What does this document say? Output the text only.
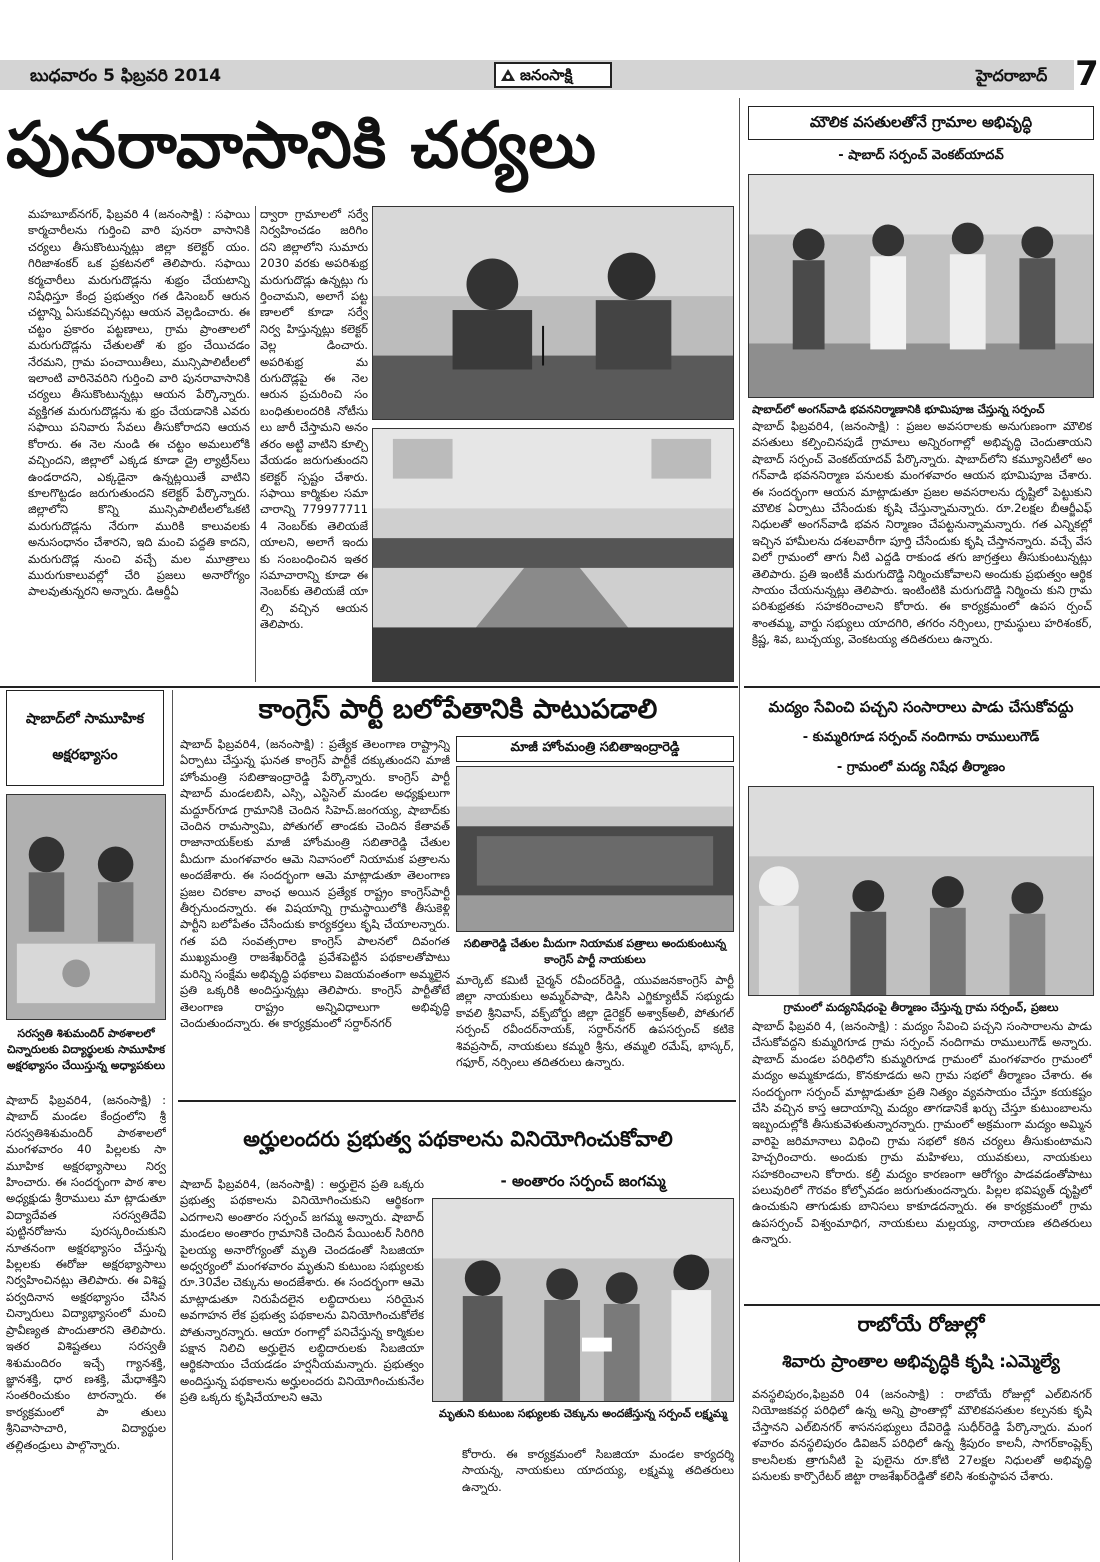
బుధవారం 5 ఫిబ్రవరి 2014	జనంసాక్షి	హైదరాబాద్ 7
పునరావాసానికి చర్యలు
మహబూబ్‌నగర్, ఫిబ్రవరి 4 (జనంసాక్షి) : సఫాయి కార్మచారీలను గుర్తించి వారి పునరా వాసానికి చర్యలు తీసుకొంటున్నట్లు జిల్లా కలెక్టర్ యం. గిరిజాశంకర్ ఒక ప్రకటనలో తెలిపారు. సఫాయి కర్మచారీలు మరుగుదొడ్లను శుభ్రం చేయటాన్ని నిషేధిస్తూ కేంద్ర ప్రభుత్వం గత డిసెంబర్ ఆరున చట్టాన్ని ఏసుకవచ్చినట్లు ఆయన వెల్లడించారు. ఈ చట్టం ప్రకారం పట్టణాలు, గ్రామ ప్రాంతాలలో మరుగుదొడ్లను చేతులతో శు భ్రం చేయిచడం నేరమని, గ్రామ పంచాయితీలు, మున్సిపాలిటీలలో ఇలాంటి వారినెవరిని గుర్తించి వారి పునరావాసానికి చర్యలు తీసుకొంటున్నట్లు ఆయన పేర్కొన్నారు. వ్యక్తిగత మరుగుదొడ్లను శు భ్రం చేయడానికి ఎవరు సఫాయి పనివారు సేవలు తీసుకోరాదని ఆయన కోరారు. ఈ నెల నుండి ఈ చట్టం అమలులోకి వచ్చిందని, జిల్లాలో ఎక్కడ కూడా డ్రై ల్యాట్రీన్‌లు ఉండరాదని, ఎక్కడైనా ఉన్నట్లయితే వాటిని కూలగొట్టడం జరుగుతుందని కలెక్టర్ పేర్కొన్నారు. జిల్లాలోని కొన్ని మున్సిపాలిటీలలోఒకటి మరుగుదొడ్లను నేరుగా మురికి కాలువలకు అనుసంధానం చేశారని, ఇది మంచి పద్దతి కాదని, మరుగుదొడ్ల నుంచి వచ్చే మల మూత్రాలు మురుగుకాలువల్లో చేరి ప్రజలు అనారోగ్యం పాలవుతున్నరని అన్నారు. డిఆర్డీఏ
ద్వారా గ్రామాలలో సర్వే నిర్వహించడం జరిగిం దని జిల్లాలోని సుమారు 2030 వరకు అపరిశుభ్ర మరుగుదొడ్లు ఉన్నట్లు గు ర్తించామని, అలాగే పట్ట ణాలలో కూడా సర్వే నిర్వ హిస్తున్నట్లు కలెక్టర్ వెల్ల డించారు. అపరిశుభ్ర మ రుగుదొడ్లపై ఈ నెల ఆరున ప్రచురించి సం బంధితులందరికి నోటీసు లు జారీ చేస్తామని అనం తరం అట్టి వాటిని కూల్చి వేయడం జరుగుతుందని కలెక్టర్ స్పష్టం చేశారు. సఫాయి కార్మికుల సమా చారాన్ని 779977711 4 నెంబర్‌కు తెలియజే యాలని, అలాగే ఇందు కు సంబంధించిన ఇతర సమాచారాన్ని కూడా ఈ నెంబర్‌కు తెలియజే యా ల్సి వచ్చిన ఆయన తెలిపారు.
మౌలిక వసతులతోనే గ్రామాల అభివృద్ధి
- షాబాద్ సర్పంచ్ వెంకట్‌యాదవ్
షాబాద్‌లో అంగన్‌వాడి భవననిర్మాణానికి భూమిపూజ చేస్తున్న సర్పంచ్
షాబాద్ ఫిబ్రవరి4, (జనంసాక్షి) : ప్రజల అవసరాలకు అనుగుణంగా మౌలిక వసతులు కల్పించినపుడే గ్రామాలు అన్నిరంగాల్లో అభివృద్ధి చెందుతాయని షాబాద్ సర్పంచ్ వెంకట్‌యాదవ్ పేర్కొన్నారు. షాబాద్‌లోని కమ్యూనిటీలో అం గన్‌వాడి భవననిర్మాణ పనులకు మంగళవారం ఆయన భూమిపూజ చేశారు. ఈ సందర్భంగా ఆయన మాట్లాడుతూ ప్రజల అవసరాలను దృష్టిలో పెట్టుకుని మౌలిక ఏర్పాటు చేసేందుకు కృషి చేస్తున్నామన్నారు. రూ.2లక్షల బీఆర్జీఎఫ్ నిధులతో అంగన్‌వాడి భవన నిర్మాణం చేపట్టనున్నామన్నారు. గత ఎన్నికల్లో ఇచ్చిన హామీలను దశలవారీగా పూర్తి చేసేందుకు కృషి చేస్తానన్నారు. వచ్చే వేస విలో గ్రామంలో తాగు నీటి ఎద్దడి రాకుండ తగు జాగ్రత్తలు తీసుకుంటున్నట్లు తెలిపారు. ప్రతి ఇంటికీ మరుగుదొడ్డి నిర్మించుకోవాలని అందుకు ప్రభుత్వం ఆర్థిక సాయం చేయనున్నట్లు తెలిపారు. ఇంటింటికి మరుగుదొడ్డి నిర్మించు కుని గ్రామ పరిశుభ్రతకు సహకరించాలని కోరారు. ఈ కార్యక్రమంలో ఉపస ర్పంచ్ శాంతమ్మ, వార్డు సభ్యులు యాదగిరి, తగరం నర్సింలు, గ్రామస్థులు హరిశంకర్, క్రిష్ణ, శివ, బుచ్చయ్య, వెంకటయ్య తదితరులు ఉన్నారు.
షాబాద్‌లో సామూహిక
అక్షరభ్యాసం
సరస్వతి శిశుమందిర్ పాఠశాలలో చిన్నారులకు విద్యార్థులకు సామూహిక అక్షరభ్యాసం చేయిస్తున్న అధ్యాపకులు
షాబాద్ ఫిబ్రవరి4, (జనంసాక్షి) : షాబాద్ మండల కేంద్రంలోని శ్రీ సరస్వతిశిశుమందిర్ పాఠశాలలో మంగళవారం 40 పిల్లలకు సా మూహిక అక్షరభ్యాసాలు నిర్వ హించారు. ఈ సందర్భంగా పాఠ శాల అధ్యక్షుడు శ్రీరాములు మా ట్లాడుతూ విద్యాదేవత సరస్వతిదేవి పుట్టినరోజును పురస్కరించుకుని నూతనంగా అక్షరభ్యాసం చేస్తున్న పిల్లలకు ఈరోజు అక్షరభ్యాసాలు నిర్వహించినట్లు తెలిపారు. ఈ విశిష్ట పర్వదినాన అక్షరభ్యాసం చేసిన చిన్నారులు విద్యాభ్యాసంలో మంచి ప్రావీణ్యత పొందుతారని తెలిపారు. ఇతర విశిష్టతలు సరస్వతీ శిశుమందిరం ఇచ్చే గ్యానశక్తి, జ్ఞానశక్తి, ధార ణశక్తి, మేధాశక్తిని సంతరించుకుం టారన్నారు. ఈ కార్యక్రమంలో పా తులు శ్రీనివాసాచారి, విద్యార్థుల తల్లితండ్రులు పాల్గొన్నారు.
కాంగ్రెస్ పార్టీ బలోపేతానికి పాటుపడాలి
షాబాద్ ఫిబ్రవరి4, (జనంసాక్షి) : ప్రత్యేక తెలంగాణ రాష్ట్రాన్ని ఏర్పాటు చేస్తున్న ఘనత కాంగ్రెస్ పార్టీకే దక్కుతుందని మాజీ హోంమంత్రి సబితాఇంద్రారెడ్డి పేర్కొన్నారు. కాంగ్రెస్ పార్టీ షాబాద్ మండలబిసి, ఎస్సి, ఎస్టిసెల్ మండల అధ్యక్షులుగా మద్దూర్‌గూడ గ్రామానికి చెందిన సిహెచ్.జంగయ్య, షాబాద్‌కు చెందిన రామస్వామి, పోతుగల్ తాండకు చెందిన కేతావత్ రాజానాయక్‌లకు మాజీ హోంమంత్రి సబితారెడ్డి చేతుల మీదుగా మంగళవారం ఆమె నివాసంలో నియామక పత్రాలను అందజేశారు. ఈ సందర్భంగా ఆమె మాట్లాడుతూ తెలంగాణ ప్రజల చిరకాల వాంఛ అయిన ప్రత్యేక రాష్ట్రం కాంగ్రెస్‌పార్టీ తీర్చనుందన్నారు. ఈ విషయాన్ని గ్రామస్థాయిలోకి తీసుకెళ్లి పార్టీని బలోపేతం చేసేందుకు కార్యకర్తలు కృషి చేయాలన్నారు. గత పది సంవత్సరాల కాంగ్రెస్ పాలనలో దివంగత ముఖ్యమంత్రి రాజశేఖర్‌రెడ్డి ప్రవేశపెట్టిన పథకాలతోపాటు మరిన్ని సంక్షేమ అభివృద్ధి పథకాలు విజయవంతంగా అమ్మలైన ప్రతి ఒక్కరికి అందిస్తున్నట్లు తెలిపారు. కాంగ్రెస్ పార్టీతోటే తెలంగాణ రాష్ట్రం అన్నివిధాలుగా అభివృద్ధి చెందుతుందన్నారు. ఈ కార్యక్రమంలో సర్దార్‌నగర్
మాజీ హోంమంత్రి సబితాఇంద్రారెడ్డి
సబితారెడ్డి చేతుల మీదుగా నియామక పత్రాలు అందుకుంటున్న కాంగ్రెస్ పార్టీ నాయకులు
మార్కెట్ కమిటీ చైర్మన్ రవీందర్‌రెడ్డి, యువజనకాంగ్రెస్ పార్టీ జిల్లా నాయకులు అమ్మర్‌పాషా, డిసిసి ఎగ్జిక్యూటీవ్ సభ్యుడు కావలి శ్రీనివాస్, వక్ఫ్‌బోర్డు జిల్లా డైరెక్టర్ అశ్వాక్‌అలీ, పోతుగల్ సర్పంచ్ రవీందర్‌నాయక్, సర్దార్‌నగర్ ఉపసర్పంచ్ కటికె శివప్రసాద్, నాయకులు కమ్మరి శ్రీను, తమ్మలి రమేష్, భాస్కర్, గఫూర్, నర్సింలు తదితరులు ఉన్నారు.
మద్యం సేవించి పచ్చని సంసారాలు పాడు చేసుకోవద్దు
- కుమ్మరిగూడ సర్పంచ్ నందిగామ రాములుగౌడ్
- గ్రామంలో మద్య నిషేధ తీర్మాణం
గ్రామంలో మద్యనిషేధంపై తీర్మాణం చేస్తున్న గ్రామ సర్పంచ్, ప్రజలు
షాబాద్ ఫిబ్రవరి 4, (జనంసాక్షి) : మద్యం సేవించి పచ్చని సంసారాలను పాడు చేసుకోవద్దని కుమ్మరిగూడ గ్రామ సర్పంచ్ నందిగామ రాములుగౌడ్ అన్నారు. షాబాద్ మండల పరిధిలోని కుమ్మరిగూడ గ్రామంలో మంగళవారం గ్రామంలో మద్యం అమ్మకూడదు, కొనకూడదు అని గ్రామ సభలో తీర్మాణం చేశారు. ఈ సందర్భంగా సర్పంచ్ మాట్లాడుతూ ప్రతి నిత్యం వ్యవసాయం చేస్తూ కయకష్టం చేసి వచ్చిన కాస్త ఆదాయాన్ని మద్యం తాగడానికే ఖర్చు చేస్తూ కుటుంబాలను ఇబ్బందుల్లోకి తీసుకువెళుతున్నారన్నారు. గ్రామంలో అక్రమంగా మద్యం అమ్మిన వారిపై జరిమానాలు విధించి గ్రామ సభలో కఠిన చర్యలు తీసుకుంటామని హెచ్చరించారు. అందుకు గ్రామ మహిళలు, యువకులు, నాయకులు సహకరించాలని కోరారు. కల్తీ మద్యం కారణంగా ఆరోగ్యం పాడవడంతోపాటు పలువురిలో గౌరవం కోల్పోవడం జరుగుతుందన్నారు. పిల్లల భవిష్యత్ దృష్టిలో ఉంచుకుని తాగుడుకు బానిసలు కాకూడదన్నారు. ఈ కార్యక్రమంలో గ్రామ ఉపసర్పంచ్ విశ్వంమాధిగ, నాయకులు మల్లయ్య, నారాయణ తదితరులు ఉన్నారు.
అర్హులందరు ప్రభుత్వ పథకాలను వినియోగించుకోవాలి
షాబాద్ ఫిబ్రవరి4, (జనంసాక్షి) : అర్హులైన ప్రతి ఒక్కరు ప్రభుత్వ పథకాలను వినియోగించుకుని ఆర్థికంగా ఎదగాలని అంతారం సర్పంచ్ జగమ్మ అన్నారు. షాబాద్ మండలం అంతారం గ్రామానికి చెందిన పేయింటర్ సిరిగిరి పైలయ్య అనారోగ్యంతో మృతి చెందడంతో సిబజియా అధ్వర్యంలో మంగళవారం మృతుని కుటుంబ సభ్యులకు రూ.30వేల చెక్కును అందజేశారు. ఈ సందర్భంగా ఆమె మాట్లాడుతూ నిరుపేదలైన లబ్ధిదారులు సరియైన అవగాహన లేక ప్రభుత్వ పథకాలను వినియోగించుకోలేక పోతున్నారన్నారు. ఆయా రంగాల్లో పనిచేస్తున్న కార్మికుల పక్షాన నిలిచి అర్హులైన లబ్ధిదారులకు సిబజియా ఆర్థికసాయం చేయడడం హర్షనీయమన్నారు. ప్రభుత్వం అందిస్తున్న పథకాలను అర్హులందరు వినియోగించుకునేల ప్రతి ఒక్కరు కృషిచేయాలని ఆమె
- అంతారం సర్పంచ్ జంగమ్మ
మృతుని కుటుంబ సభ్యులకు చెక్కును అందజేస్తున్న సర్పంచ్ లక్ష్మమ్మ
కోరారు. ఈ కార్యక్రమంలో సిబజియా మండల కార్యదర్శి సాయన్న, నాయకులు యాదయ్య, లక్ష్మమ్మ తదితరులు ఉన్నారు.
రాబోయే రోజుల్లో
శివారు ప్రాంతాల అభివృద్ధికి కృషి :ఎమ్మెల్యే
వనస్థలిపురం,ఫిబ్రవరి 04 (జనంసాక్షి) : రాబోయే రోజుల్లో ఎల్‌బినగర్ నియోజకవర్గ పరిధిలో ఉన్న అన్ని ప్రాంతాల్లో మౌలికవసతుల కల్పనకు కృషి చేస్తానని ఎల్‌బినగర్ శాసనసభ్యులు దేవిరెడ్డి సుధీర్‌రెడ్డి పేర్కొన్నారు. మంగ ళవారం వనస్థలిపురం డివిజన్ పరిధిలో ఉన్న శ్రీపురం కాలనీ, సాగర్‌కాంప్లెక్స్ కాలనీలకు త్రాగునీటి పై పులైను రూ.కోటి 27లక్షల నిధులతో అభివృద్ధి పనులకు కార్పొరేటర్ జిట్టా రాజశేఖర్‌రెడ్డితో కలిసి శంకుస్థాపన చేశారు.
